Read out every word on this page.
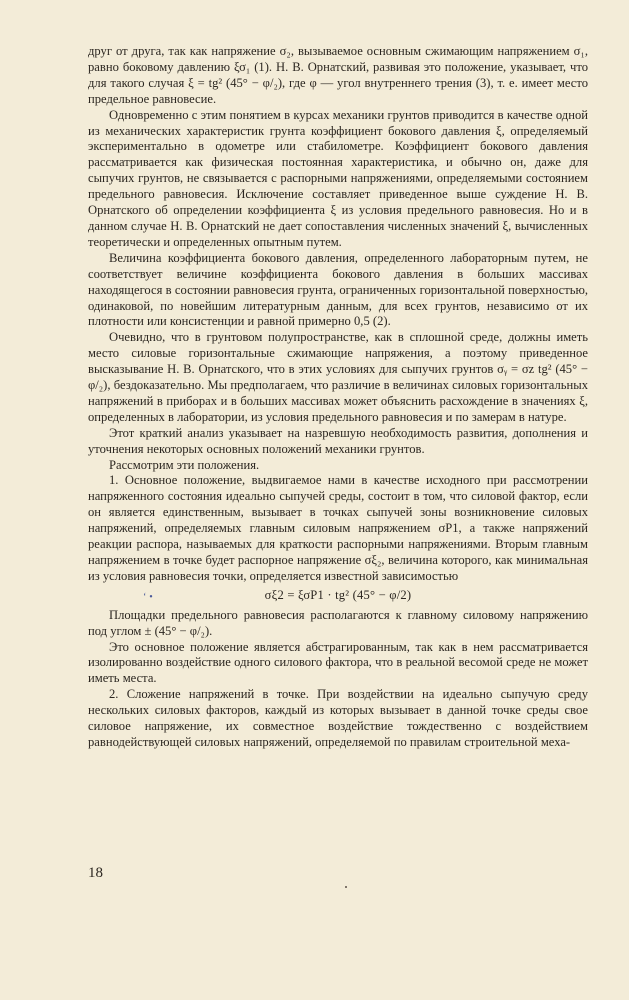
друг от друга, так как напряжение σ₂, вызываемое основным сжимающим напряжением σ₁, равно боковому давлению ξσ₁ (1). Н. В. Орнатский, развивая это положение, указывает, что для такого случая ξ = tg² (45° − φ/₂), где φ — угол внутреннего трения (3), т. е. имеет место предельное равновесие.

Одновременно с этим понятием в курсах механики грунтов приводится в качестве одной из механических характеристик грунта коэффициент бокового давления ξ, определяемый экспериментально в одометре или стабилометре. Коэффициент бокового давления рассматривается как физическая постоянная характеристика, и обычно он, даже для сыпучих грунтов, не связывается с распорными напряжениями, определяемыми состоянием предельного равновесия. Исключение составляет приведенное выше суждение Н. В. Орнатского об определении коэффициента ξ из условия предельного равновесия. Но и в данном случае Н. В. Орнатский не дает сопоставления численных значений ξ, вычисленных теоретически и определенных опытным путем.

Величина коэффициента бокового давления, определенного лабораторным путем, не соответствует величине коэффициента бокового давления в больших массивах находящегося в состоянии равновесия грунта, ограниченных горизонтальной поверхностью, одинаковой, по новейшим литературным данным, для всех грунтов, независимо от их плотности или консистенции и равной примерно 0,5 (2).

Очевидно, что в грунтовом полупространстве, как в сплошной среде, должны иметь место силовые горизонтальные сжимающие напряжения, а поэтому приведенное высказывание Н. В. Орнатского, что в этих условиях для сыпучих грунтов σᵧ = σz tg² (45° − φ/₂), бездоказательно. Мы предполагаем, что различие в величинах силовых горизонтальных напряжений в приборах и в больших массивах может объяснить расхождение в значениях ξ, определенных в лаборатории, из условия предельного равновесия и по замерам в натуре.

Этот краткий анализ указывает на назревшую необходимость развития, дополнения и уточнения некоторых основных положений механики грунтов.

Рассмотрим эти положения.

1. Основное положение, выдвигаемое нами в качестве исходного при рассмотрении напряженного состояния идеально сыпучей среды, состоит в том, что силовой фактор, если он является единственным, вызывает в точках сыпучей зоны возникновение силовых напряжений, определяемых главным силовым напряжением σP1, а также напряжений реакции распора, называемых для краткости распорными напряжениями. Вторым главным напряжением в точке будет распорное напряжение σξ₂, величина которого, как минимальная из условия равновесия точки, определяется известной зависимостью

‘ •	σξ2 = ξσP1 · tg² (45° − φ/2)

Площадки предельного равновесия располагаются к главному силовому напряжению под углом ± (45° − φ/₂).

Это основное положение является абстрагированным, так как в нем рассматривается изолированно воздействие одного силового фактора, что в реальной весомой среде не может иметь места.

2. Сложение напряжений в точке. При воздействии на идеально сыпучую среду нескольких силовых факторов, каждый из которых вызывает в данной точке среды свое силовое напряжение, их совместное воздействие тождественно с воздействием равнодействующей силовых напряжений, определяемой по правилам строительной меха-

18
